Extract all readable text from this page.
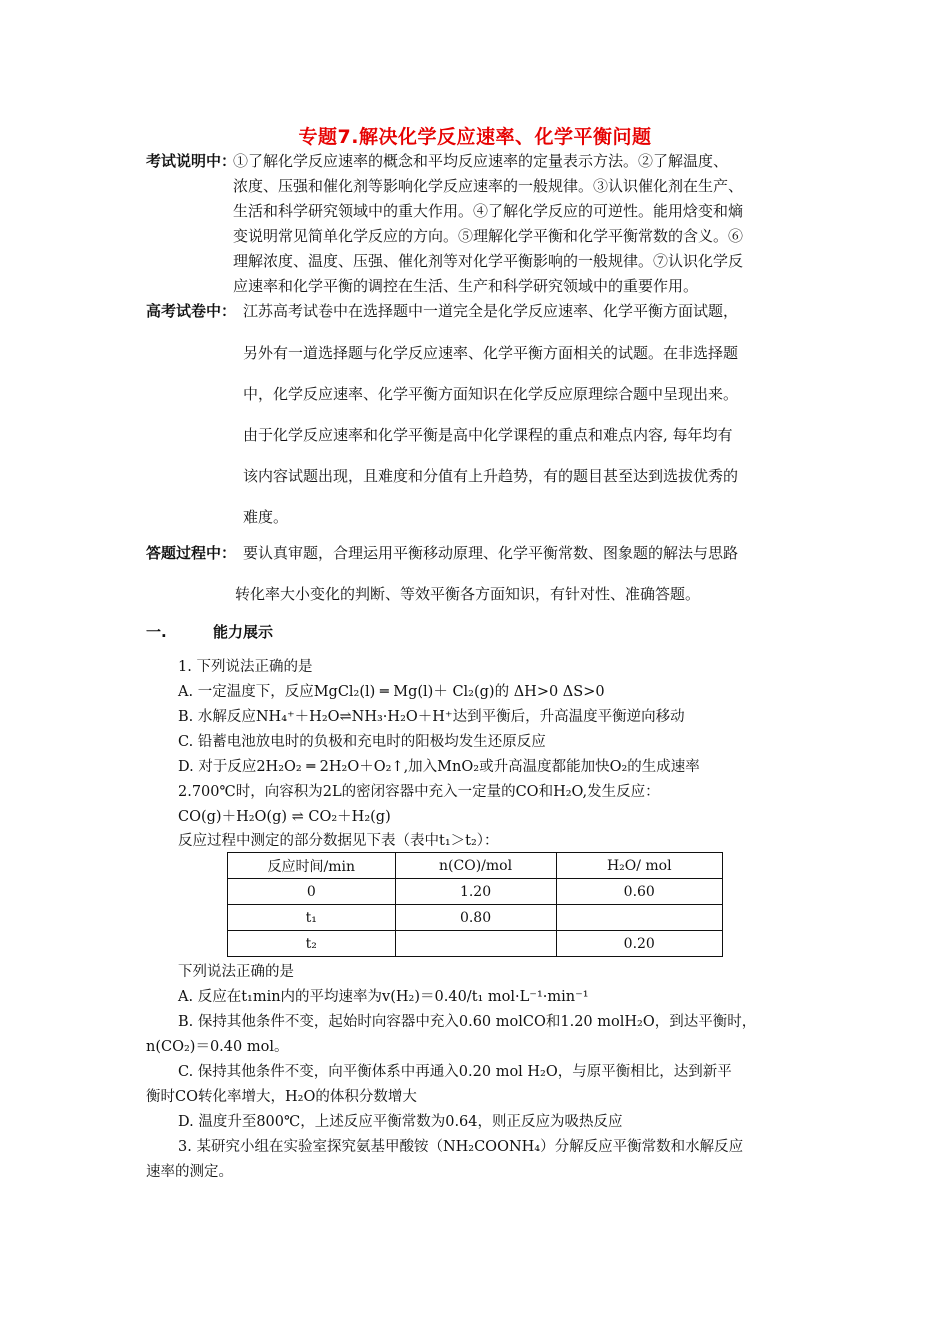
专题7.解决化学反应速率、化学平衡问题
考试说明中：
①了解化学反应速率的概念和平均反应速率的定量表示方法。②了解温度、
浓度、压强和催化剂等影响化学反应速率的一般规律。③认识催化剂在生产、
生活和科学研究领域中的重大作用。④了解化学反应的可逆性。能用焓变和熵
变说明常见简单化学反应的方向。⑤理解化学平衡和化学平衡常数的含义。⑥
理解浓度、温度、压强、催化剂等对化学平衡影响的一般规律。⑦认识化学反
应速率和化学平衡的调控在生活、生产和科学研究领域中的重要作用。
高考试卷中： 江苏高考试卷中在选择题中一道完全是化学反应速率、化学平衡方面试题，
另外有一道选择题与化学反应速率、化学平衡方面相关的试题。在非选择题
中，化学反应速率、化学平衡方面知识在化学反应原理综合题中呈现出来。
由于化学反应速率和化学平衡是高中化学课程的重点和难点内容, 每年均有
该内容试题出现，且难度和分值有上升趋势，有的题目甚至达到选拔优秀的
难度。
答题过程中： 要认真审题，合理运用平衡移动原理、化学平衡常数、图象题的解法与思路
转化率大小变化的判断、等效平衡各方面知识，有针对性、准确答题。
一.	能力展示
1. 下列说法正确的是
A. 一定温度下，反应MgCl₂(l) ═ Mg(l)＋ Cl₂(g)的 ΔH>0 ΔS>0
B. 水解反应NH₄⁺＋H₂O⇌NH₃·H₂O＋H⁺达到平衡后，升高温度平衡逆向移动
C. 铅蓄电池放电时的负极和充电时的阳极均发生还原反应
D. 对于反应2H₂O₂ ═ 2H₂O＋O₂↑,加入MnO₂或升高温度都能加快O₂的生成速率
2.700℃时，向容积为2L的密闭容器中充入一定量的CO和H₂O,发生反应：
CO(g)＋H₂O(g) ⇌ CO₂＋H₂(g)
反应过程中测定的部分数据见下表（表中t₁＞t₂）：
反应时间/min	n(CO)/mol	H₂O/ mol
0	1.20	0.60
t₁	0.80	
t₂		0.20
下列说法正确的是
A. 反应在t₁min内的平均速率为v(H₂)＝0.40/t₁ mol·L⁻¹·min⁻¹
B. 保持其他条件不变，起始时向容器中充入0.60 molCO和1.20 molH₂O，到达平衡时，
n(CO₂)＝0.40 mol。
C. 保持其他条件不变，向平衡体系中再通入0.20 mol H₂O，与原平衡相比，达到新平
衡时CO转化率增大，H₂O的体积分数增大
D. 温度升至800℃，上述反应平衡常数为0.64，则正反应为吸热反应
3. 某研究小组在实验室探究氨基甲酸铵（NH₂COONH₄）分解反应平衡常数和水解反应
速率的测定。
